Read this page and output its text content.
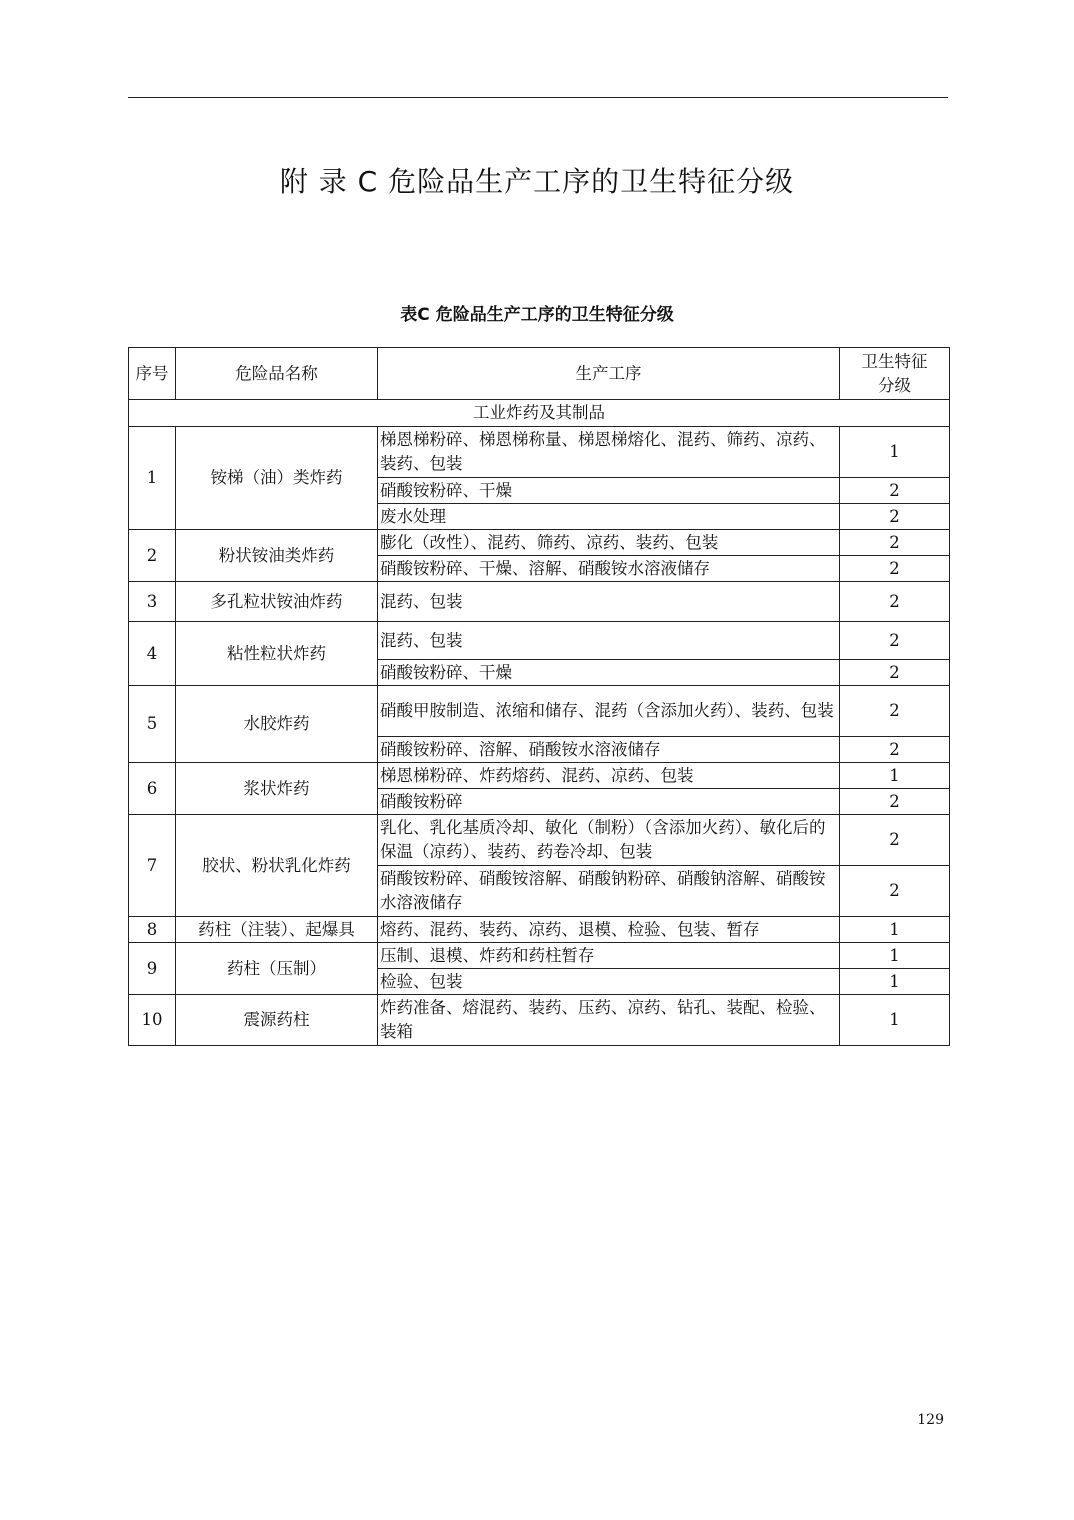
附 录 C 危险品生产工序的卫生特征分级
表C 危险品生产工序的卫生特征分级
序号	危险品名称	生产工序	卫生特征
分级
工业炸药及其制品			
1	铵梯（油）类炸药	梯恩梯粉碎、梯恩梯称量、梯恩梯熔化、混药、筛药、凉药、装药、包装	1
		硝酸铵粉碎、干燥	2
		废水处理	2
2	粉状铵油类炸药	膨化（改性）、混药、筛药、凉药、装药、包装	2
		硝酸铵粉碎、干燥、溶解、硝酸铵水溶液储存	2
3	多孔粒状铵油炸药	混药、包装	2
4	粘性粒状炸药	混药、包装	2
		硝酸铵粉碎、干燥	2
5	水胶炸药	硝酸甲胺制造、浓缩和储存、混药（含添加火药）、装药、包装	2
		硝酸铵粉碎、溶解、硝酸铵水溶液储存	2
6	浆状炸药	梯恩梯粉碎、炸药熔药、混药、凉药、包装	1
		硝酸铵粉碎	2
7	胶状、粉状乳化炸药	乳化、乳化基质冷却、敏化（制粉）（含添加火药）、敏化后的保温（凉药）、装药、药卷冷却、包装	2
		硝酸铵粉碎、硝酸铵溶解、硝酸钠粉碎、硝酸钠溶解、硝酸铵水溶液储存	2
8	药柱（注装）、起爆具	熔药、混药、装药、凉药、退模、检验、包装、暂存	1
9	药柱（压制）	压制、退模、炸药和药柱暂存	1
		检验、包装	1
10	震源药柱	炸药准备、熔混药、装药、压药、凉药、钻孔、装配、检验、装箱	1
129
